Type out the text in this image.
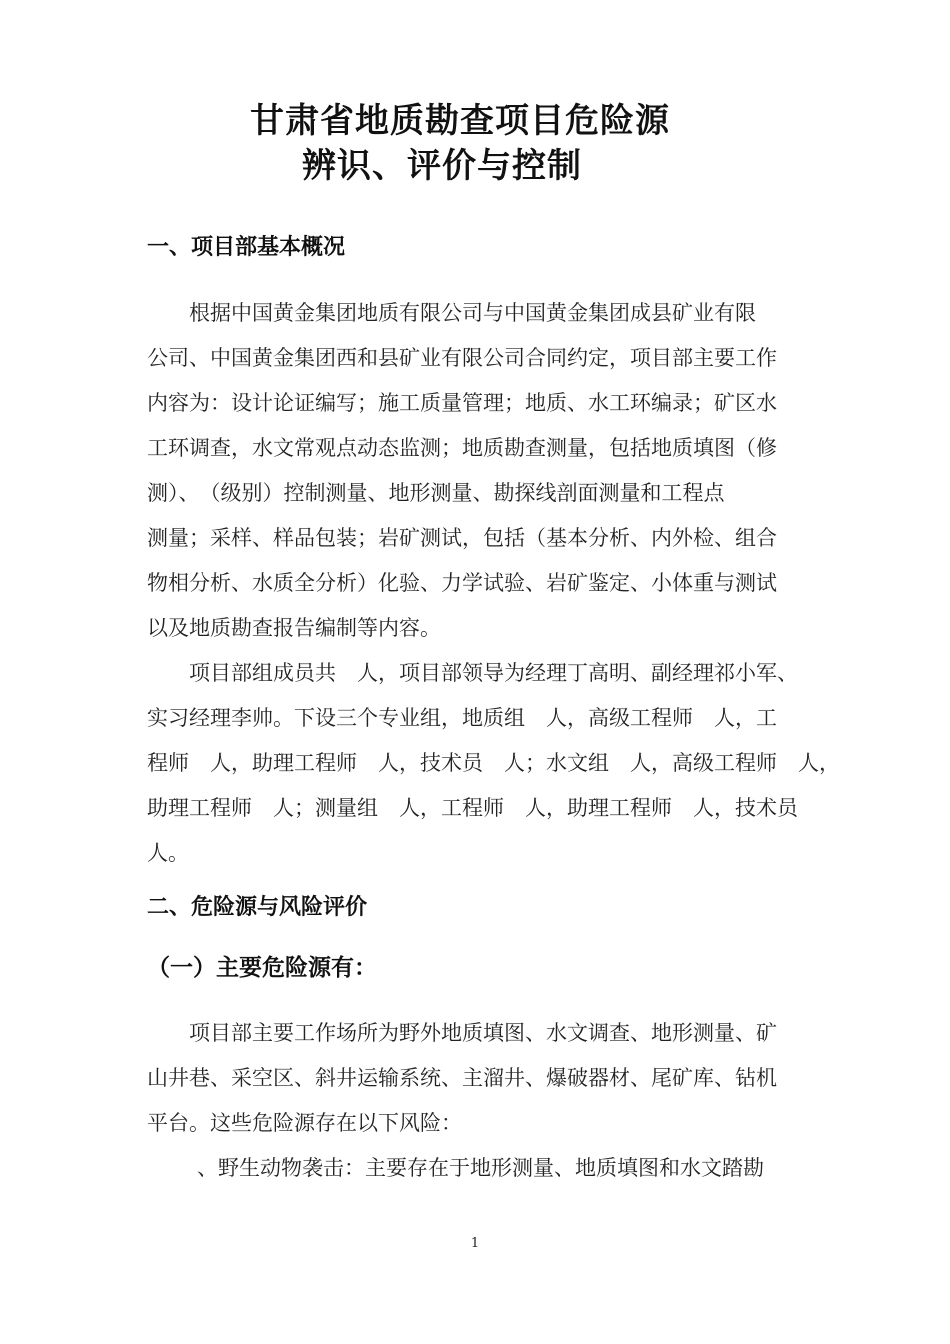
甘肃省地质勘查项目危险源
辨识、评价与控制
一、项目部基本概况
根据中国黄金集团地质有限公司与中国黄金集团成县矿业有限
公司、中国黄金集团西和县矿业有限公司合同约定，项目部主要工作
内容为：设计论证编写；施工质量管理；地质、水工环编录；矿区水
工环调查，水文常观点动态监测；地质勘查测量，包括地质填图（修
测）、　（级别）控制测量、地形测量、勘探线剖面测量和工程点
测量；采样、样品包装；岩矿测试，包括（基本分析、内外检、组合
物相分析、水质全分析）化验、力学试验、岩矿鉴定、小体重与测试
以及地质勘查报告编制等内容。
项目部组成员共　人，项目部领导为经理丁高明、副经理祁小军、
实习经理李帅。下设三个专业组，地质组　人，高级工程师　人，工
程师　人，助理工程师　人，技术员　人；水文组　人，高级工程师　人，
助理工程师　人；测量组　人，工程师　人，助理工程师　人，技术员
人。
二、危险源与风险评价
（一）主要危险源有：
项目部主要工作场所为野外地质填图、水文调查、地形测量、矿
山井巷、采空区、斜井运输系统、主溜井、爆破器材、尾矿库、钻机
平台。这些危险源存在以下风险：
、野生动物袭击：主要存在于地形测量、地质填图和水文踏勘
1
